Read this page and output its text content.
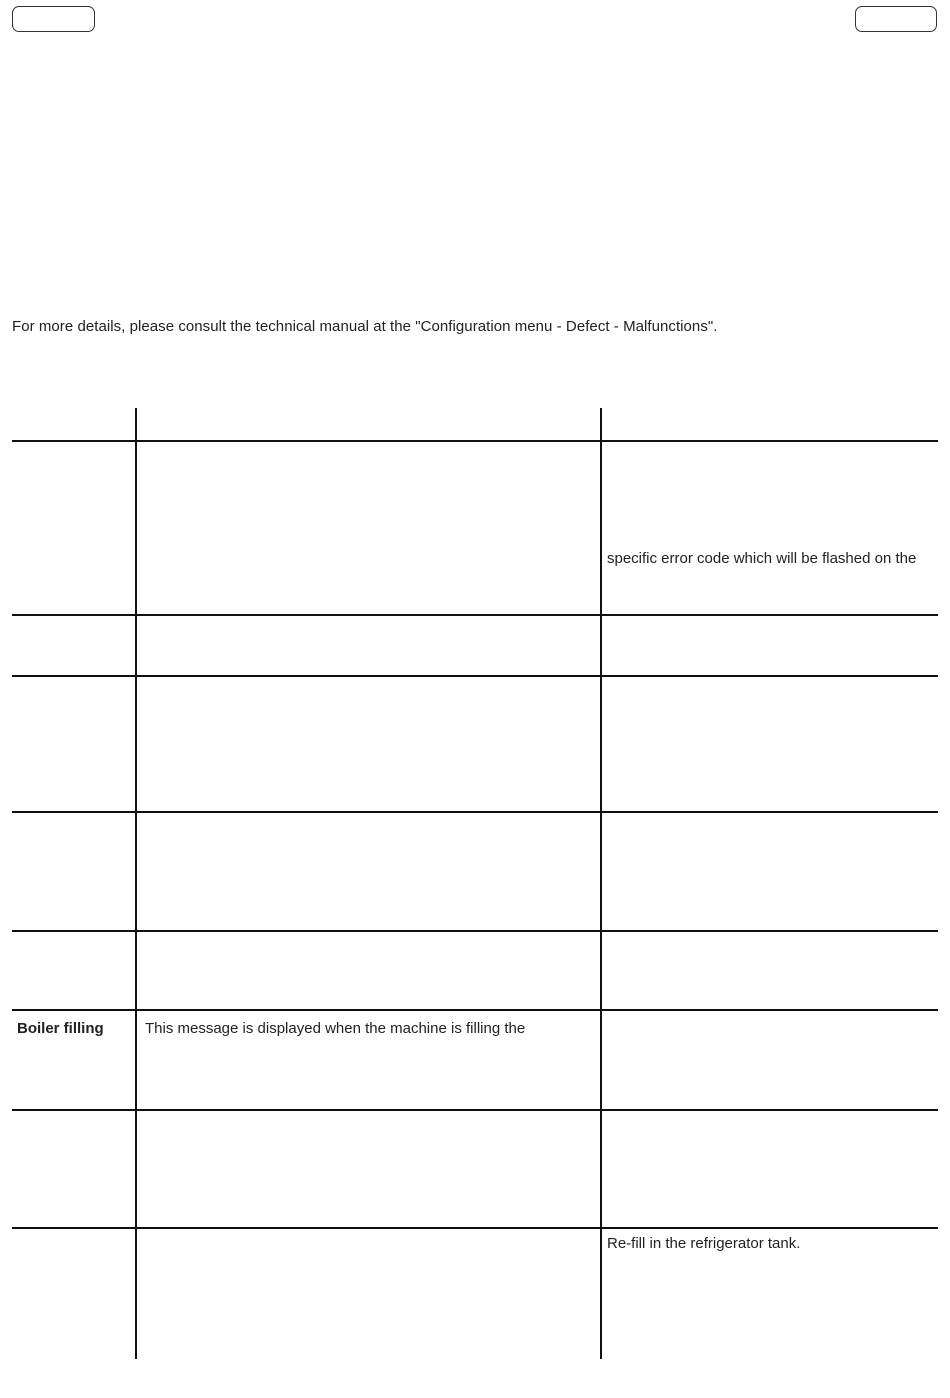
For more details, please consult the technical manual at the "Configuration menu - Defect - Malfunctions".
specific error code which will be flashed on the
Boiler filling	This message is displayed when the machine is filling the
Re-fill in the refrigerator tank.
